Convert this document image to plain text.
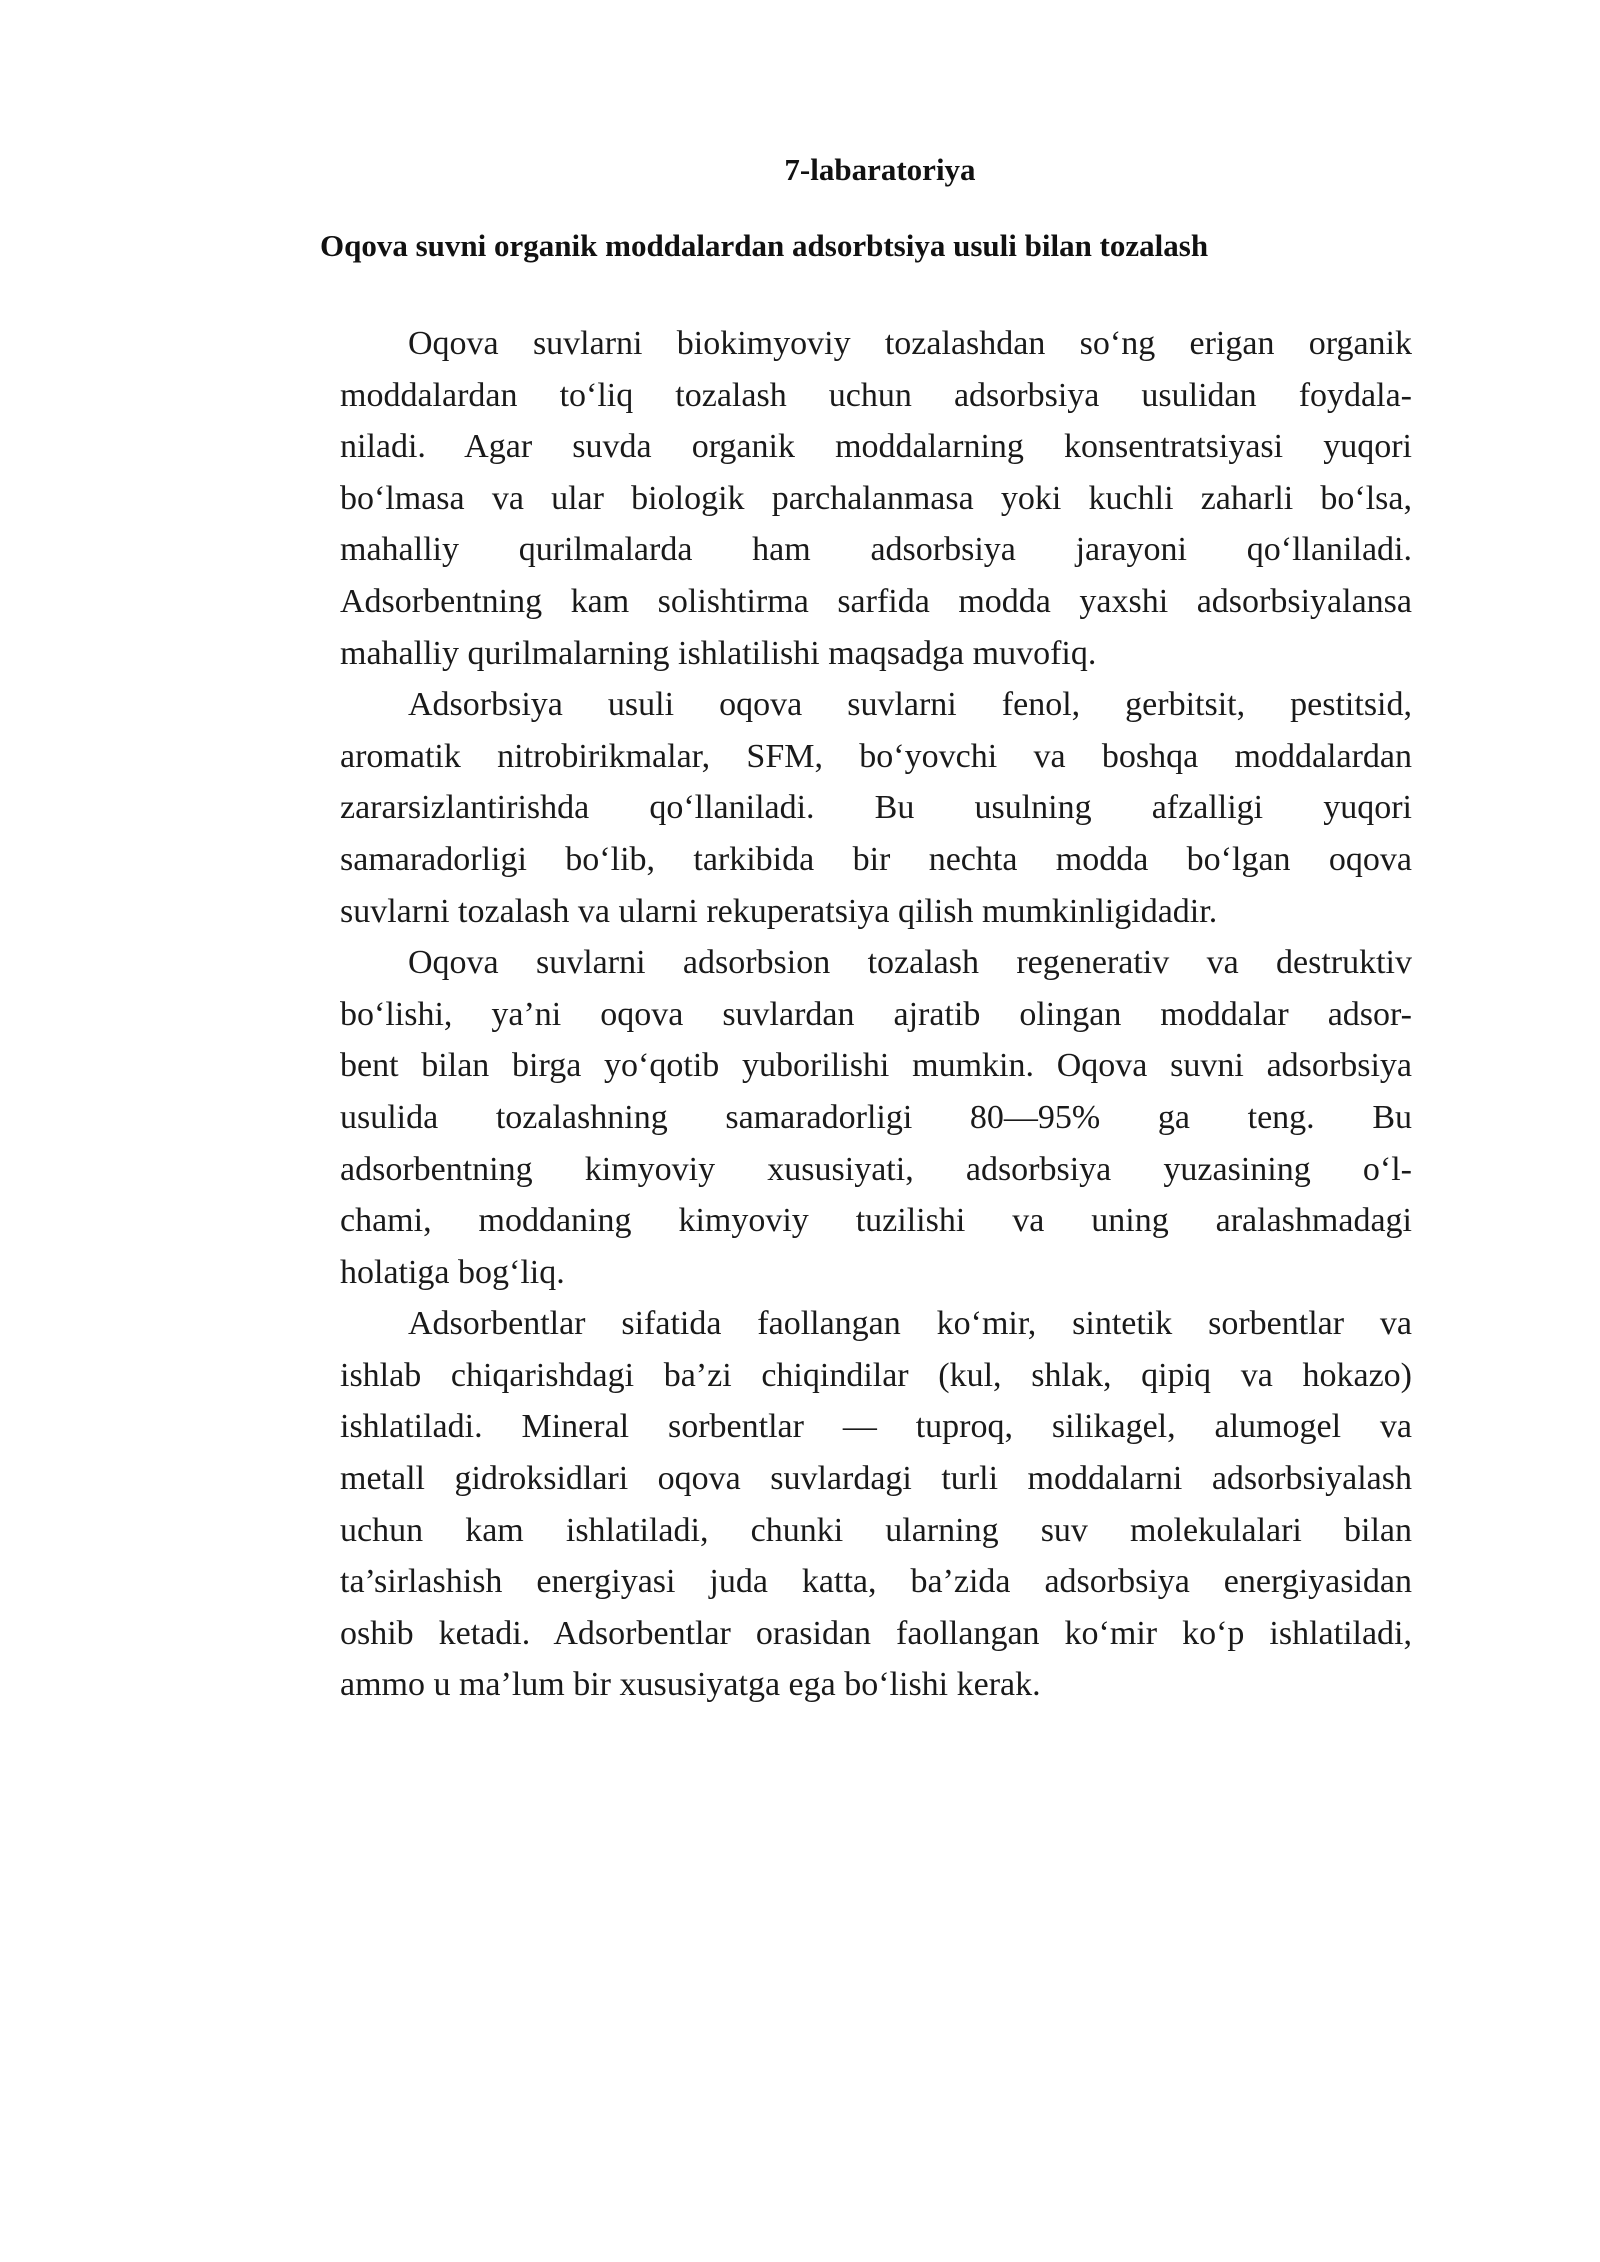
7-labaratoriya
Oqova suvni organik moddalardan adsorbtsiya usuli bilan tozalash
Oqova suvlarni biokimyoviy tozalashdan so‘ng erigan organik
moddalardan to‘liq tozalash uchun adsorbsiya usulidan foydala-
niladi. Agar suvda organik moddalarning konsentratsiyasi yuqori
bo‘lmasa va ular biologik parchalanmasa yoki kuchli zaharli bo‘lsa,
mahalliy qurilmalarda ham adsorbsiya jarayoni qo‘llaniladi.
Adsorbentning kam solishtirma sarfida modda yaxshi adsorbsiyalansa
mahalliy qurilmalarning ishlatilishi maqsadga muvofiq.
Adsorbsiya usuli oqova suvlarni fenol, gerbitsit, pestitsid,
aromatik nitrobirikmalar, SFM, bo‘yovchi va boshqa moddalardan
zararsizlantirishda qo‘llaniladi. Bu usulning afzalligi yuqori
samaradorligi bo‘lib, tarkibida bir nechta modda bo‘lgan oqova
suvlarni tozalash va ularni rekuperatsiya qilish mumkinligidadir.
Oqova suvlarni adsorbsion tozalash regenerativ va destruktiv
bo‘lishi, ya’ni oqova suvlardan ajratib olingan moddalar adsor-
bent bilan birga yo‘qotib yuborilishi mumkin. Oqova suvni adsorbsiya
usulida tozalashning samaradorligi 80—95% ga teng. Bu
adsorbentning kimyoviy xususiyati, adsorbsiya yuzasining o‘l-
chami, moddaning kimyoviy tuzilishi va uning aralashmadagi
holatiga bog‘liq.
Adsorbentlar sifatida faollangan ko‘mir, sintetik sorbentlar va
ishlab chiqarishdagi ba’zi chiqindilar (kul, shlak, qipiq va hokazo)
ishlatiladi. Mineral sorbentlar — tuproq, silikagel, alumogel va
metall gidroksidlari oqova suvlardagi turli moddalarni adsorbsiyalash
uchun kam ishlatiladi, chunki ularning suv molekulalari bilan
ta’sirlashish energiyasi juda katta, ba’zida adsorbsiya energiyasidan
oshib ketadi. Adsorbentlar orasidan faollangan ko‘mir ko‘p ishlatiladi,
ammo u ma’lum bir xususiyatga ega bo‘lishi kerak.
